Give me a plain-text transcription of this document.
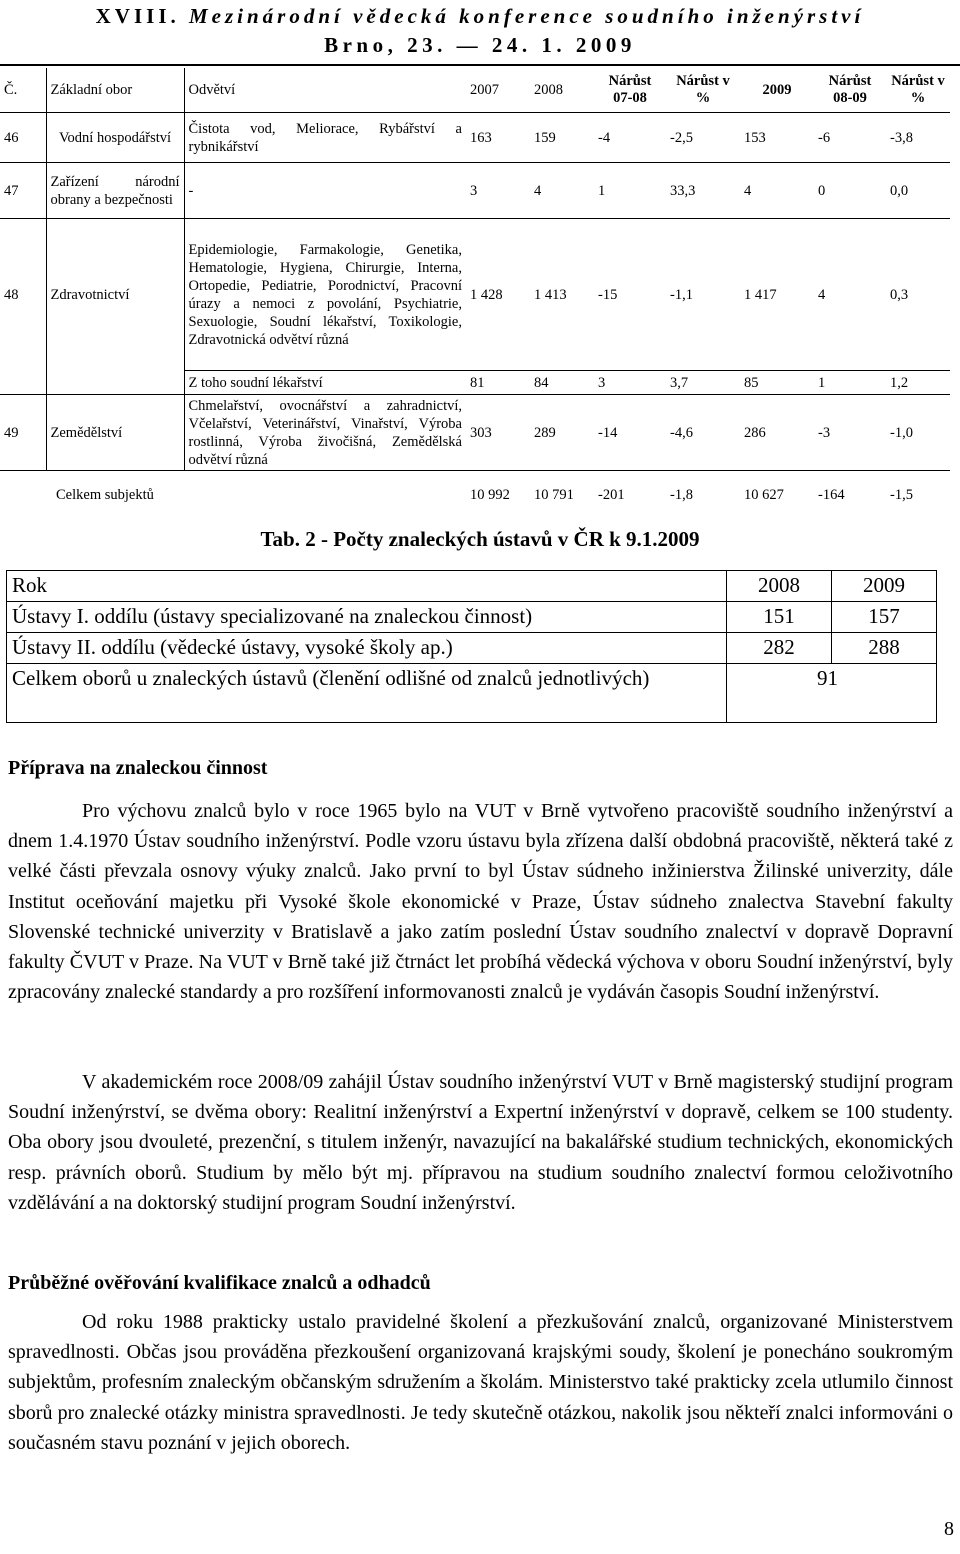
XVIII. Mezinárodní vědecká konference soudního inženýrství
Brno, 23. — 24. 1. 2009
Č.	Základní obor	Odvětví	2007	2008	Nárůst 07-08	Nárůst v %	2009	Nárůst 08-09	Nárůst v %
46	Vodní hospodářství	Čistota vod, Meliorace, Rybářství a rybnikářství	163	159	-4	-2,5	153	-6	-3,8
47	Zařízení národní obrany a bezpečnosti	-	3	4	1	33,3	4	0	0,0
48	Zdravotnictví	Epidemiologie, Farmakologie, Genetika, Hematologie, Hygiena, Chirurgie, Interna, Ortopedie, Pediatrie, Porodnictví, Pracovní úrazy a nemoci z povolání, Psychiatrie, Sexuologie, Soudní lékařství, Toxikologie, Zdravotnická odvětví různá	1 428	1 413	-15	-1,1	1 417	4	0,3
		Z toho soudní lékařství	81	84	3	3,7	85	1	1,2
49	Zemědělství	Chmelařství, ovocnářství a zahradnictví, Včelařství, Veterinářství, Vinařství, Výroba rostlinná, Výroba živočišná, Zemědělská odvětví různá	303	289	-14	-4,6	286	-3	-1,0
Celkem subjektů			10 992	10 791	-201	-1,8	10 627	-164	-1,5
Tab. 2 - Počty znaleckých ústavů v ČR k 9.1.2009
Rok	2008	2009
Ústavy I. oddílu (ústavy specializované na znaleckou činnost)	151	157
Ústavy II. oddílu (vědecké ústavy, vysoké školy ap.)	282	288
Celkem oborů u znaleckých ústavů (členění odlišné od znalců jednotlivých)	91	
Příprava na znaleckou činnost

Pro výchovu znalců bylo v roce 1965 bylo na VUT v Brně vytvořeno pracoviště soudního inženýrství a dnem 1.4.1970 Ústav soudního inženýrství. Podle vzoru ústavu byla zřízena další obdobná pracoviště, některá také z velké části převzala osnovy výuky znalců. Jako první to byl Ústav súdneho inžinierstva Žilinské univerzity, dále Institut oceňování majetku při Vysoké škole ekonomické v Praze, Ústav súdneho znalectva Stavební fakulty Slovenské technické univerzity v Bratislavě a jako zatím poslední Ústav soudního znalectví v dopravě Dopravní fakulty ČVUT v Praze. Na VUT v Brně také již čtrnáct let probíhá vědecká výchova v oboru Soudní inženýrství, byly zpracovány znalecké standardy a pro rozšíření informovanosti znalců je vydáván časopis Soudní inženýrství.

V akademickém roce 2008/09 zahájil Ústav soudního inženýrství VUT v Brně magisterský studijní program Soudní inženýrství, se dvěma obory: Realitní inženýrství a Expertní inženýrství v dopravě, celkem se 100 studenty. Oba obory jsou dvouleté, prezenční, s titulem inženýr, navazující na bakalářské studium technických, ekonomických resp. právních oborů. Studium by mělo být mj. přípravou na studium soudního znalectví formou celoživotního vzdělávání a na doktorský studijní program Soudní inženýrství.

Průběžné ověřování kvalifikace znalců a odhadců

Od roku 1988 prakticky ustalo pravidelné školení a přezkušování znalců, organizované Ministerstvem spravedlnosti. Občas jsou prováděna přezkoušení organizovaná krajskými soudy, školení je ponecháno soukromým subjektům, profesním znaleckým občanským sdružením a školám. Ministerstvo také prakticky zcela utlumilo činnost sborů pro znalecké otázky ministra spravedlnosti. Je tedy skutečně otázkou, nakolik jsou někteří znalci informováni o současném stavu poznání v jejich oborech.

8
